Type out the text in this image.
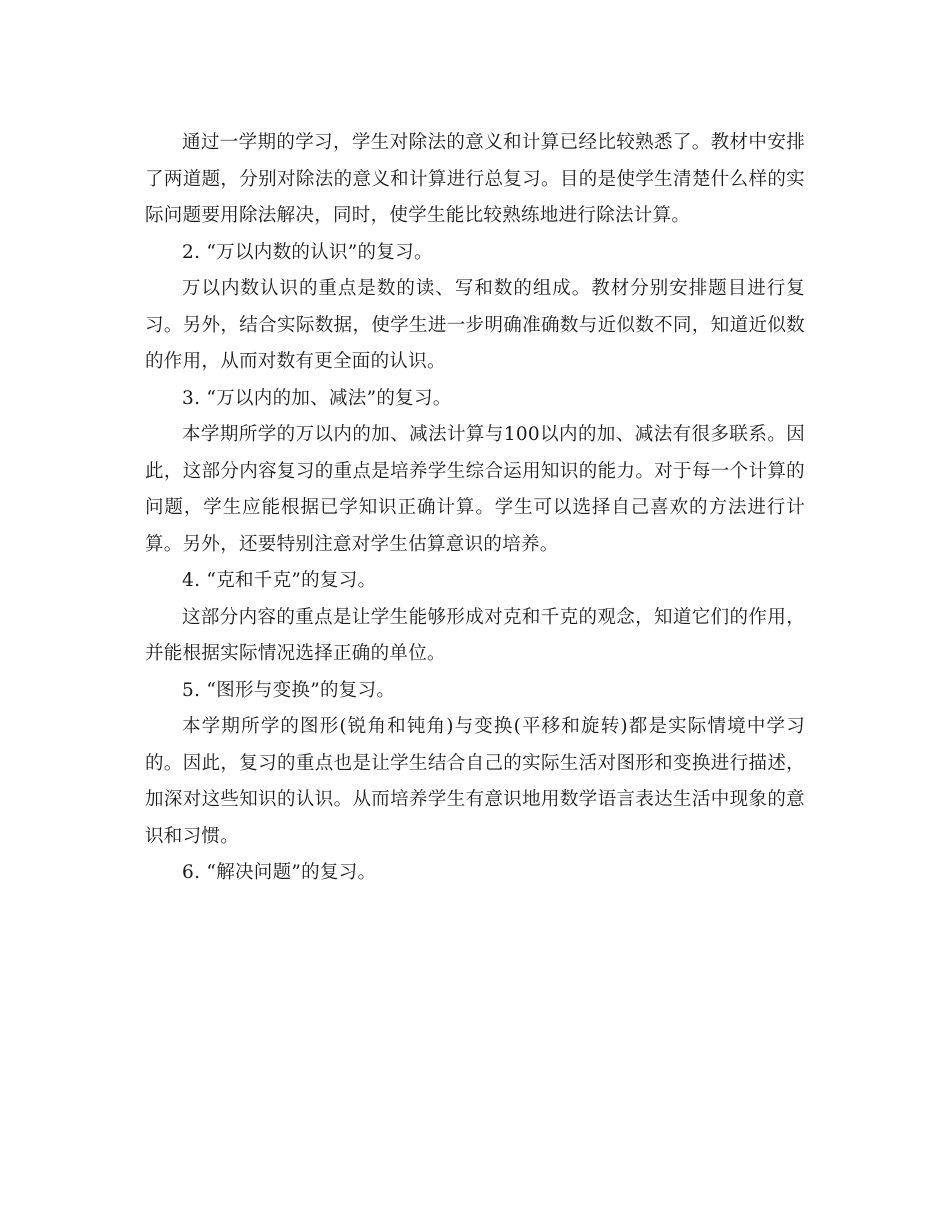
通过一学期的学习，学生对除法的意义和计算已经比较熟悉了。教材中安排了两道题，分别对除法的意义和计算进行总复习。目的是使学生清楚什么样的实际问题要用除法解决，同时，使学生能比较熟练地进行除法计算。

2. “万以内数的认识”的复习。

万以内数认识的重点是数的读、写和数的组成。教材分别安排题目进行复习。另外，结合实际数据，使学生进一步明确准确数与近似数不同，知道近似数的作用，从而对数有更全面的认识。

3. “万以内的加、减法”的复习。

本学期所学的万以内的加、减法计算与100以内的加、减法有很多联系。因此，这部分内容复习的重点是培养学生综合运用知识的能力。对于每一个计算的问题，学生应能根据已学知识正确计算。学生可以选择自己喜欢的方法进行计算。另外，还要特别注意对学生估算意识的培养。

4. “克和千克”的复习。

这部分内容的重点是让学生能够形成对克和千克的观念，知道它们的作用，并能根据实际情况选择正确的单位。

5. “图形与变换”的复习。

本学期所学的图形(锐角和钝角)与变换(平移和旋转)都是实际情境中学习的。因此，复习的重点也是让学生结合自己的实际生活对图形和变换进行描述，加深对这些知识的认识。从而培养学生有意识地用数学语言表达生活中现象的意识和习惯。

6. “解决问题”的复习。
